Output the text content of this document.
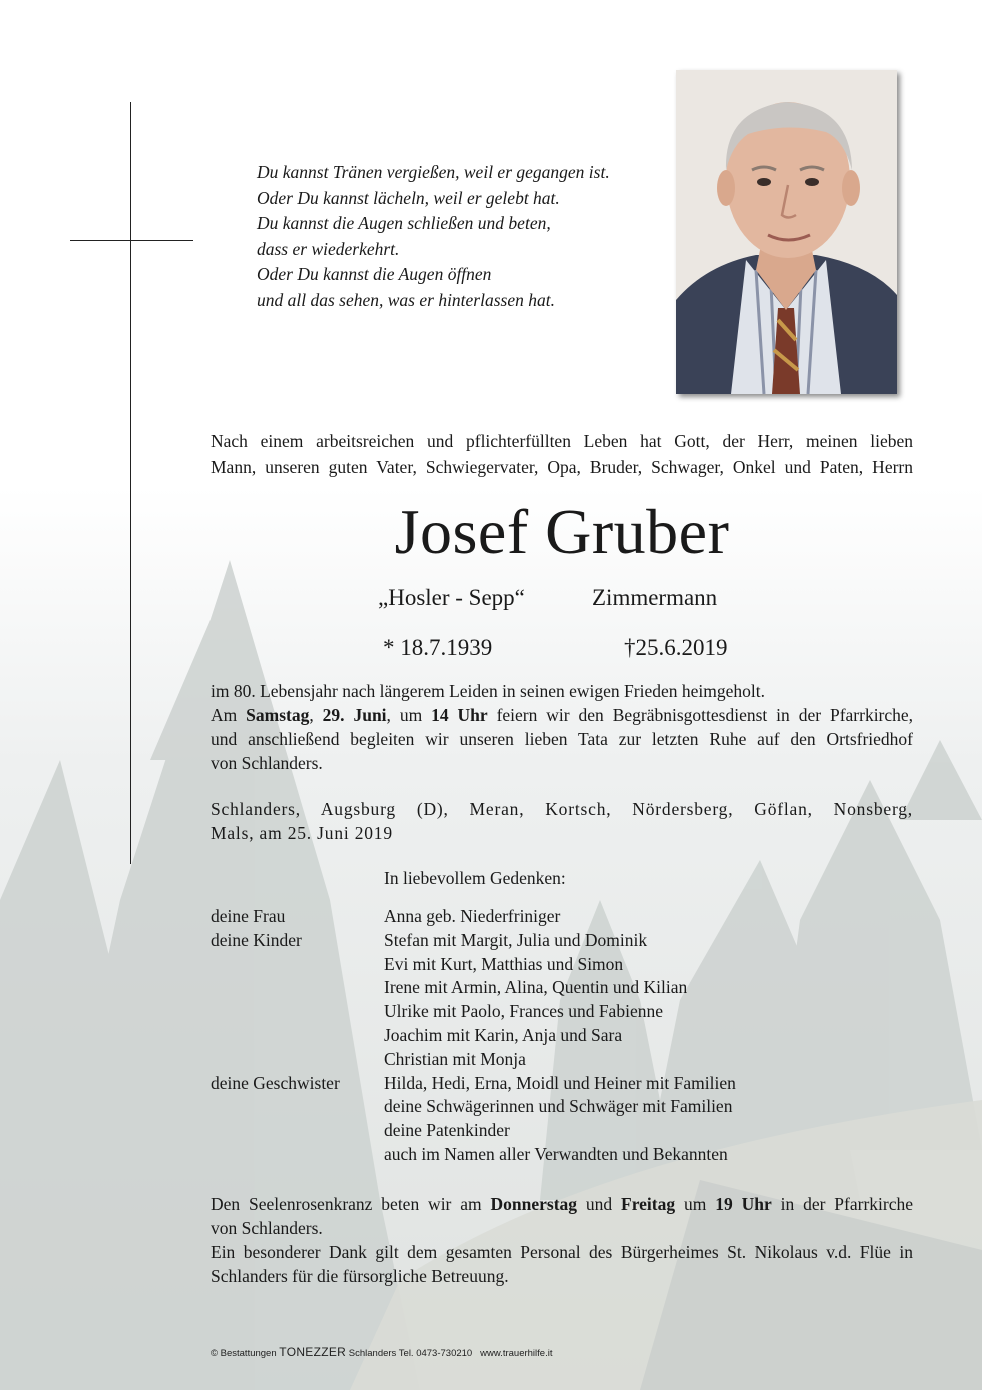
Du kannst Tränen vergießen, weil er gegangen ist.
Oder Du kannst lächeln, weil er gelebt hat.
Du kannst die Augen schließen und beten,
dass er wiederkehrt.
Oder Du kannst die Augen öffnen
und all das sehen, was er hinterlassen hat.
Nach einem arbeitsreichen und pflichterfüllten Leben hat Gott, der Herr, meinen lieben
Mann, unseren guten Vater, Schwiegervater, Opa, Bruder, Schwager, Onkel und Paten, Herrn
Josef Gruber
„Hosler - Sepp“	Zimmermann
* 18.7.1939	†25.6.2019
im 80. Lebensjahr nach längerem Leiden in seinen ewigen Frieden heimgeholt.
Am Samstag, 29. Juni, um 14 Uhr feiern wir den Begräbnisgottesdienst in der Pfarrkirche,
und anschließend begleiten wir unseren lieben Tata zur letzten Ruhe auf den Ortsfriedhof
von Schlanders.
Schlanders, Augsburg (D), Meran, Kortsch, Nördersberg, Göflan, Nonsberg,
Mals, am 25. Juni 2019
In liebevollem Gedenken:
deine Frau	Anna geb. Niederfriniger
deine Kinder	Stefan mit Margit, Julia und Dominik
Evi mit Kurt, Matthias und Simon
Irene mit Armin, Alina, Quentin und Kilian
Ulrike mit Paolo, Frances und Fabienne
Joachim mit Karin, Anja und Sara
Christian mit Monja
deine Geschwister	Hilda, Hedi, Erna, Moidl und Heiner mit Familien
deine Schwägerinnen und Schwäger mit Familien
deine Patenkinder
auch im Namen aller Verwandten und Bekannten
Den Seelenrosenkranz beten wir am Donnerstag und Freitag um 19 Uhr in der Pfarrkirche
von Schlanders.
Ein besonderer Dank gilt dem gesamten Personal des Bürgerheimes St. Nikolaus v.d. Flüe in
Schlanders für die fürsorgliche Betreuung.
© Bestattungen TONEZZER Schlanders Tel. 0473-730210 www.trauerhilfe.it
